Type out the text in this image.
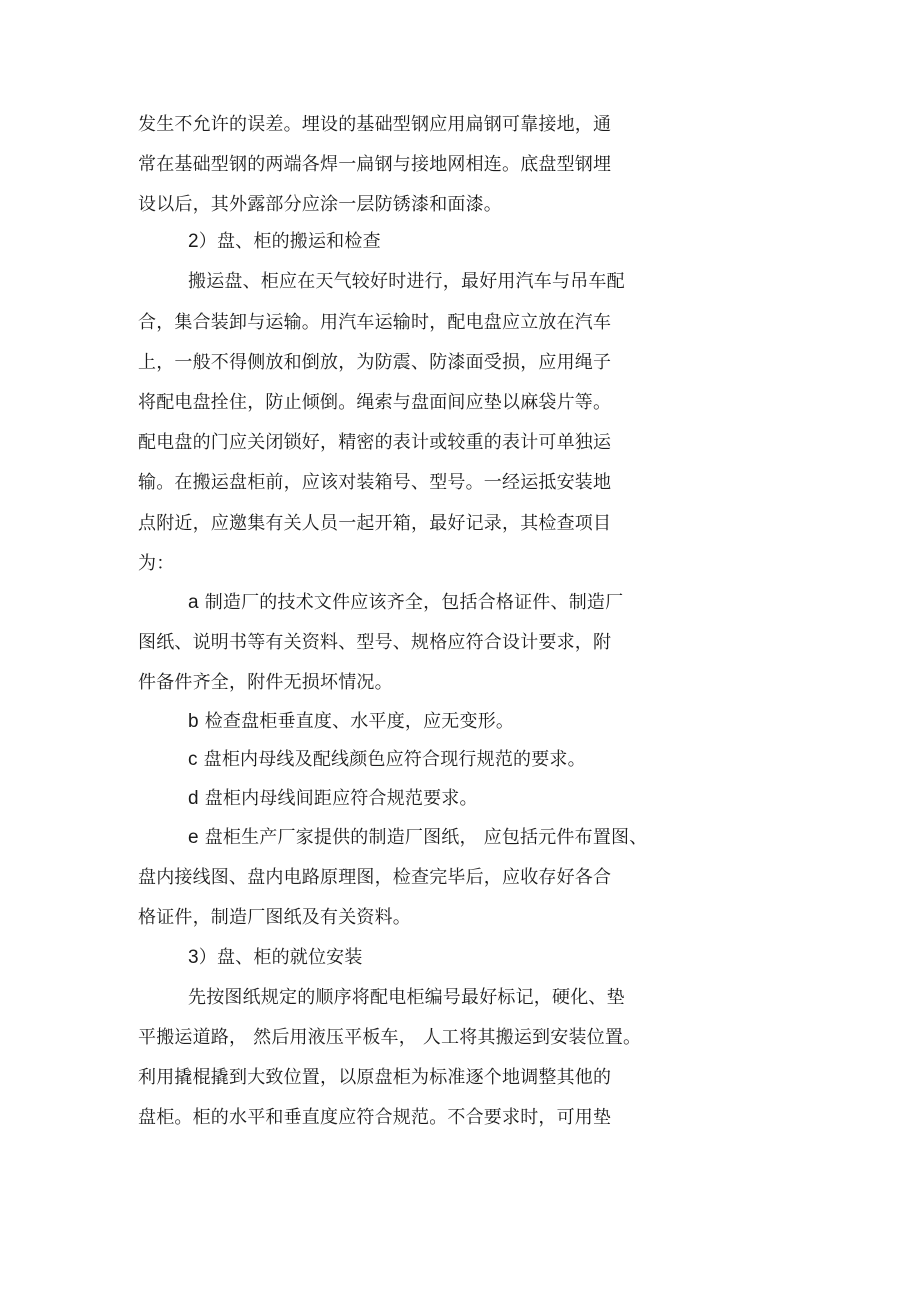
发生不允许的误差。埋设的基础型钢应用扁钢可靠接地，通
常在基础型钢的两端各焊一扁钢与接地网相连。底盘型钢埋
设以后，其外露部分应涂一层防锈漆和面漆。
2）盘、柜的搬运和检查
搬运盘、柜应在天气较好时进行，最好用汽车与吊车配
合，集合装卸与运输。用汽车运输时，配电盘应立放在汽车
上，一般不得侧放和倒放，为防震、防漆面受损，应用绳子
将配电盘拴住，防止倾倒。绳索与盘面间应垫以麻袋片等。
配电盘的门应关闭锁好，精密的表计或较重的表计可单独运
输。在搬运盘柜前，应该对装箱号、型号。一经运抵安装地
点附近，应邀集有关人员一起开箱，最好记录，其检查项目
为：
a 制造厂的技术文件应该齐全，包括合格证件、制造厂
图纸、说明书等有关资料、型号、规格应符合设计要求，附
件备件齐全，附件无损坏情况。
b 检查盘柜垂直度、水平度，应无变形。
c 盘柜内母线及配线颜色应符合现行规范的要求。
d 盘柜内母线间距应符合规范要求。
e 盘柜生产厂家提供的制造厂图纸， 应包括元件布置图、
盘内接线图、盘内电路原理图，检查完毕后，应收存好各合
格证件，制造厂图纸及有关资料。
3）盘、柜的就位安装
先按图纸规定的顺序将配电柜编号最好标记，硬化、垫
平搬运道路， 然后用液压平板车， 人工将其搬运到安装位置。
利用撬棍撬到大致位置，以原盘柜为标准逐个地调整其他的
盘柜。柜的水平和垂直度应符合规范。不合要求时，可用垫
